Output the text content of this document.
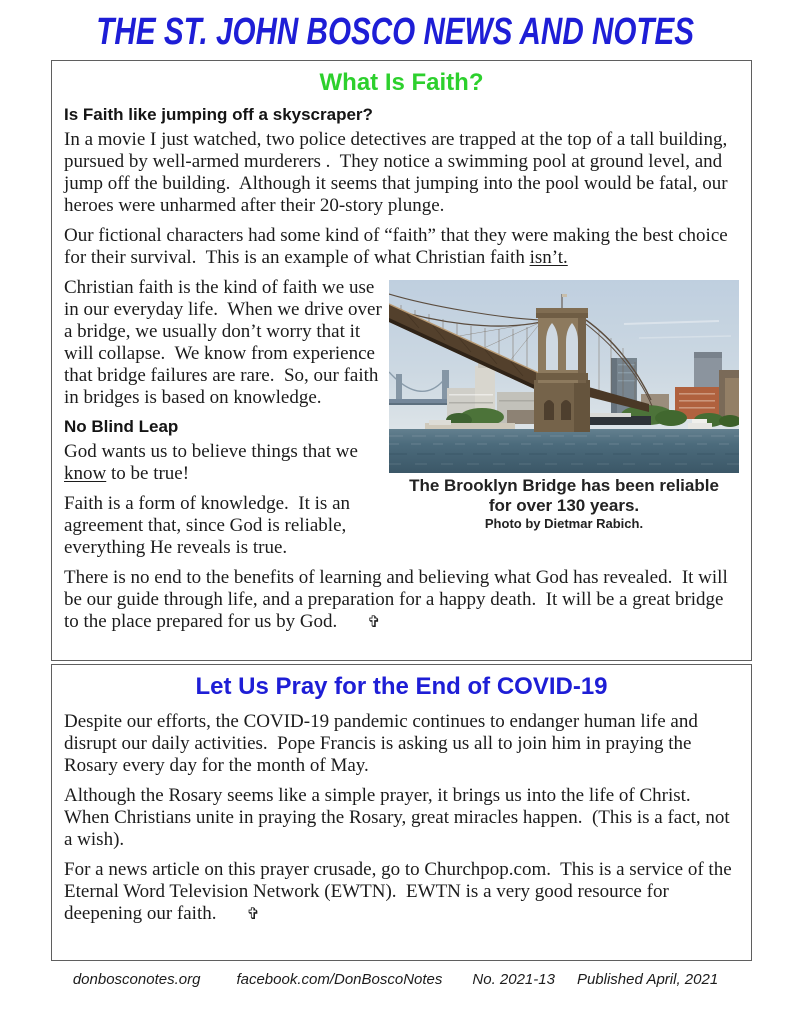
THE ST. JOHN BOSCO NEWS AND NOTES
What Is Faith?
Is Faith like jumping off a skyscraper?

In a movie I just watched, two police detectives are trapped at the top of a tall building, pursued by well-armed murderers .  They notice a swimming pool at ground level, and jump off the building.  Although it seems that jumping into the pool would be fatal, our heroes were unharmed after their 20-story plunge.

Our fictional characters had some kind of “faith” that they were making the best choice for their survival.  This is an example of what Christian faith isn’t.

The Brooklyn Bridge has been reliable
for over 130 years.
Photo by Dietmar Rabich.

Christian faith is the kind of faith we use in our everyday life.  When we drive over a bridge, we usually don’t worry that it will collapse.  We know from experience that bridge failures are rare.  So, our faith in bridges is based on knowledge.

No Blind Leap

God wants us to believe things that we know to be true!

Faith is a form of knowledge.  It is an agreement that, since God is reliable, everything He reveals is true.

There is no end to the benefits of learning and believing what God has revealed.  It will be our guide through life, and a preparation for a happy death.  It will be a great bridge to the place prepared for us by God. ✞

Let Us Pray for the End of COVID-19

Despite our efforts, the COVID-19 pandemic continues to endanger human life and disrupt our daily activities.  Pope Francis is asking us all to join him in praying the Rosary every day for the month of May.

Although the Rosary seems like a simple prayer, it brings us into the life of Christ.  When Christians unite in praying the Rosary, great miracles happen.  (This is a fact, not a wish).

For a news article on this prayer crusade, go to Churchpop.com.  This is a service of the Eternal Word Television Network (EWTN).  EWTN is a very good resource for deepening our faith. ✞

donbosconotes.org facebook.com/DonBoscoNotes No. 2021-13 Published April, 2021
